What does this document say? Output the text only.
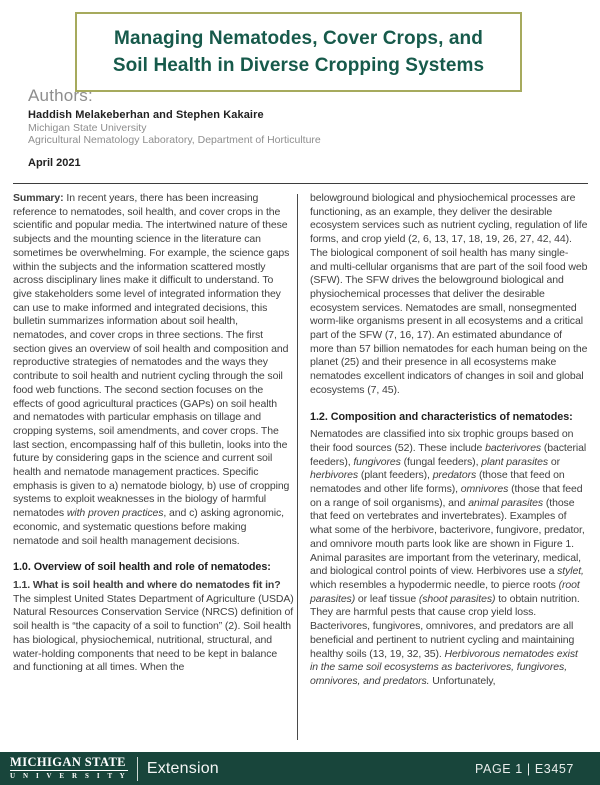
Managing Nematodes, Cover Crops, and
Soil Health in Diverse Cropping Systems
Authors:
Haddish Melakeberhan and Stephen Kakaire
Michigan State University
Agricultural Nematology Laboratory, Department of Horticulture
April 2021
Summary: In recent years, there has been increasing reference to nematodes, soil health, and cover crops in the scientific and popular media. The intertwined nature of these subjects and the mounting science in the literature can sometimes be overwhelming. For example, the science gaps within the subjects and the information scattered mostly across disciplinary lines make it difficult to understand. To give stakeholders some level of integrated information they can use to make informed and integrated decisions, this bulletin summarizes information about soil health, nematodes, and cover crops in three sections. The first section gives an overview of soil health and composition and reproductive strategies of nematodes and the ways they contribute to soil health and nutrient cycling through the soil food web functions. The second section focuses on the effects of good agricultural practices (GAPs) on soil health and nematodes with particular emphasis on tillage and cropping systems, soil amendments, and cover crops. The last section, encompassing half of this bulletin, looks into the future by considering gaps in the science and current soil health and nematode management practices. Specific emphasis is given to a) nematode biology, b) use of cropping systems to exploit weaknesses in the biology of harmful nematodes with proven practices, and c) asking agronomic, economic, and systematic questions before making nematode and soil health management decisions.
1.0. Overview of soil health and role of nematodes:
1.1. What is soil health and where do nematodes fit in? The simplest United States Department of Agriculture (USDA) Natural Resources Conservation Service (NRCS) definition of soil health is “the capacity of a soil to function” (2). Soil health has biological, physiochemical, nutritional, structural, and water-holding components that need to be kept in balance and functioning at all times. When the
belowground biological and physiochemical processes are functioning, as an example, they deliver the desirable ecosystem services such as nutrient cycling, regulation of life forms, and crop yield (2, 6, 13, 17, 18, 19, 26, 27, 42, 44). The biological component of soil health has many single- and multi-cellular organisms that are part of the soil food web (SFW). The SFW drives the belowground biological and physiochemical processes that deliver the desirable ecosystem services. Nematodes are small, nonsegmented worm-like organisms present in all ecosystems and a critical part of the SFW (7, 16, 17). An estimated abundance of more than 57 billion nematodes for each human being on the planet (25) and their presence in all ecosystems make nematodes excellent indicators of changes in soil and global ecosystems (7, 45).
1.2. Composition and characteristics of nematodes:
Nematodes are classified into six trophic groups based on their food sources (52). These include bacterivores (bacterial feeders), fungivores (fungal feeders), plant parasites or herbivores (plant feeders), predators (those that feed on nematodes and other life forms), omnivores (those that feed on a range of soil organisms), and animal parasites (those that feed on vertebrates and invertebrates). Examples of what some of the herbivore, bacterivore, fungivore, predator, and omnivore mouth parts look like are shown in Figure 1. Animal parasites are important from the veterinary, medical, and biological control points of view. Herbivores use a stylet, which resembles a hypodermic needle, to pierce roots (root parasites) or leaf tissue (shoot parasites) to obtain nutrition. They are harmful pests that cause crop yield loss. Bacterivores, fungivores, omnivores, and predators are all beneficial and pertinent to nutrient cycling and maintaining healthy soils (13, 19, 32, 35). Herbivorous nematodes exist in the same soil ecosystems as bacterivores, fungivores, omnivores, and predators. Unfortunately,
MICHIGAN STATE
U N I V E R S I T Y Extension	PAGE 1 | E3457
